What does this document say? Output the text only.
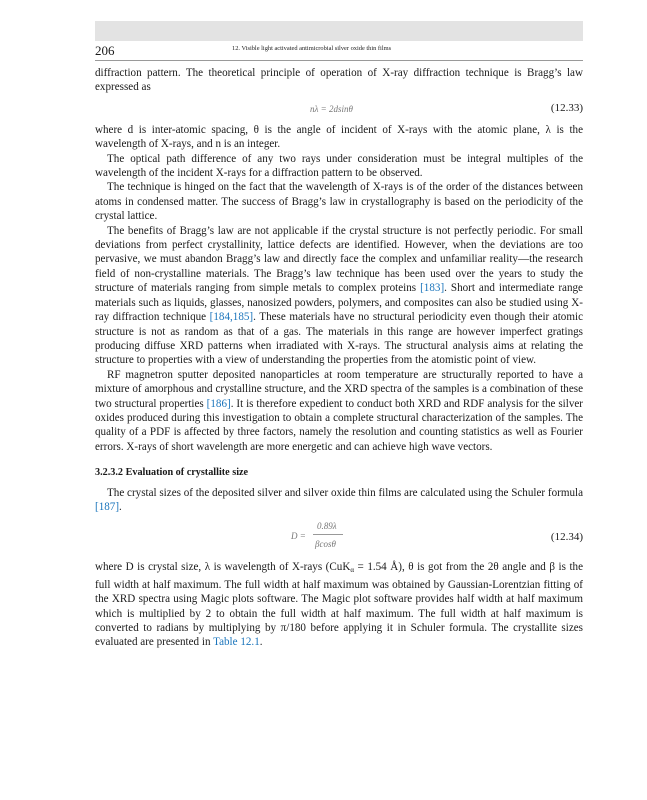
206	12. Visible light activated antimicrobial silver oxide thin films

diffraction pattern. The theoretical principle of operation of X-ray diffraction technique is Bragg’s law expressed as

nλ = 2dsinθ	(12.33)

where d is inter-atomic spacing, θ is the angle of incident of X-rays with the atomic plane, λ is the wavelength of X-rays, and n is an integer.

The optical path difference of any two rays under consideration must be integral multiples of the wavelength of the incident X-rays for a diffraction pattern to be observed.

The technique is hinged on the fact that the wavelength of X-rays is of the order of the distances between atoms in condensed matter. The success of Bragg’s law in crystallography is based on the periodicity of the crystal lattice.

The benefits of Bragg’s law are not applicable if the crystal structure is not perfectly periodic. For small deviations from perfect crystallinity, lattice defects are identified. However, when the deviations are too pervasive, we must abandon Bragg’s law and directly face the complex and unfamiliar reality—the research field of non-crystalline materials. The Bragg’s law technique has been used over the years to study the structure of materials ranging from simple metals to complex proteins [183]. Short and intermediate range materials such as liquids, glasses, nanosized powders, polymers, and composites can also be studied using X-ray diffraction technique [184,185]. These materials have no structural periodicity even though their atomic structure is not as random as that of a gas. The materials in this range are however imperfect gratings producing diffuse XRD patterns when irradiated with X-rays. The structural analysis aims at relating the structure to properties with a view of understanding the properties from the atomistic point of view.

RF magnetron sputter deposited nanoparticles at room temperature are structurally reported to have a mixture of amorphous and crystalline structure, and the XRD spectra of the samples is a combination of these two structural properties [186]. It is therefore expedient to conduct both XRD and RDF analysis for the silver oxides produced during this investigation to obtain a complete structural characterization of the samples. The quality of a PDF is affected by three factors, namely the resolution and counting statistics as well as Fourier errors. X-rays of short wavelength are more energetic and can achieve high wave vectors.

3.2.3.2 Evaluation of crystallite size

The crystal sizes of the deposited silver and silver oxide thin films are calculated using the Schuler formula [187].

D =
0.89λ
βcosθ
(12.34)

where D is crystal size, λ is wavelength of X-rays (CuK$_\alpha$ = 1.54 Å), θ is got from the 2θ angle and β is the full width at half maximum. The full width at half maximum was obtained by Gaussian-Lorentzian fitting of the XRD spectra using Magic plots software. The Magic plot software provides half width at half maximum which is multiplied by 2 to obtain the full width at half maximum. The full width at half maximum is converted to radians by multiplying by π/180 before applying it in Schuler formula. The crystallite sizes evaluated are presented in Table 12.1.
